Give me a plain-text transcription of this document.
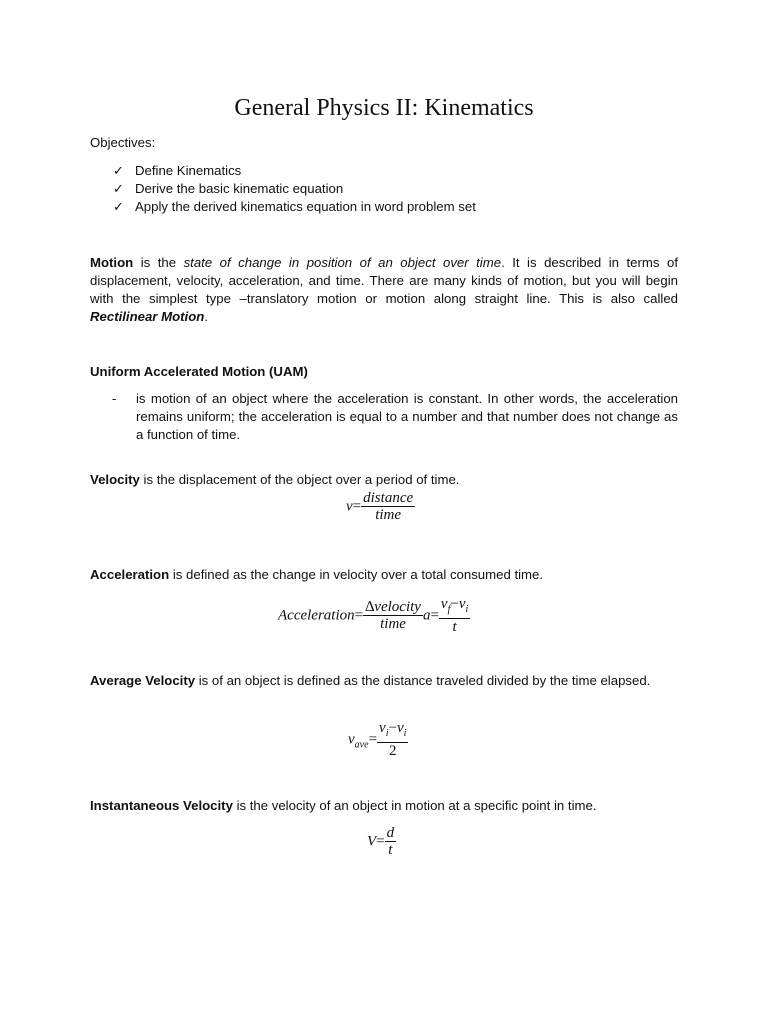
General Physics II: Kinematics
Objectives:
✓ Define Kinematics
✓ Derive the basic kinematic equation
✓ Apply the derived kinematics equation in word problem set
Motion is the state of change in position of an object over time. It is described in terms of displacement, velocity, acceleration, and time. There are many kinds of motion, but you will begin with the simplest type –translatory motion or motion along straight line. This is also called Rectilinear Motion.
Uniform Accelerated Motion (UAM)
- is motion of an object where the acceleration is constant. In other words, the acceleration remains uniform; the acceleration is equal to a number and that number does not change as a function of time.
Velocity is the displacement of the object over a period of time.
$v= \frac{\text{distance}}{\text{time}}$
Acceleration is defined as the change in velocity over a total consumed time.
Acceleration= $\frac{\text{∆velocity}}{\text{time}} a= \frac{v_f-v_i}{t}$
Average Velocity is of an object is defined as the distance traveled divided by the time elapsed.
$v_{ave}= \frac{v_i-v_i}{2}$
Instantaneous Velocity is the velocity of an object in motion at a specific point in time.
$V= \frac{d}{t}$
